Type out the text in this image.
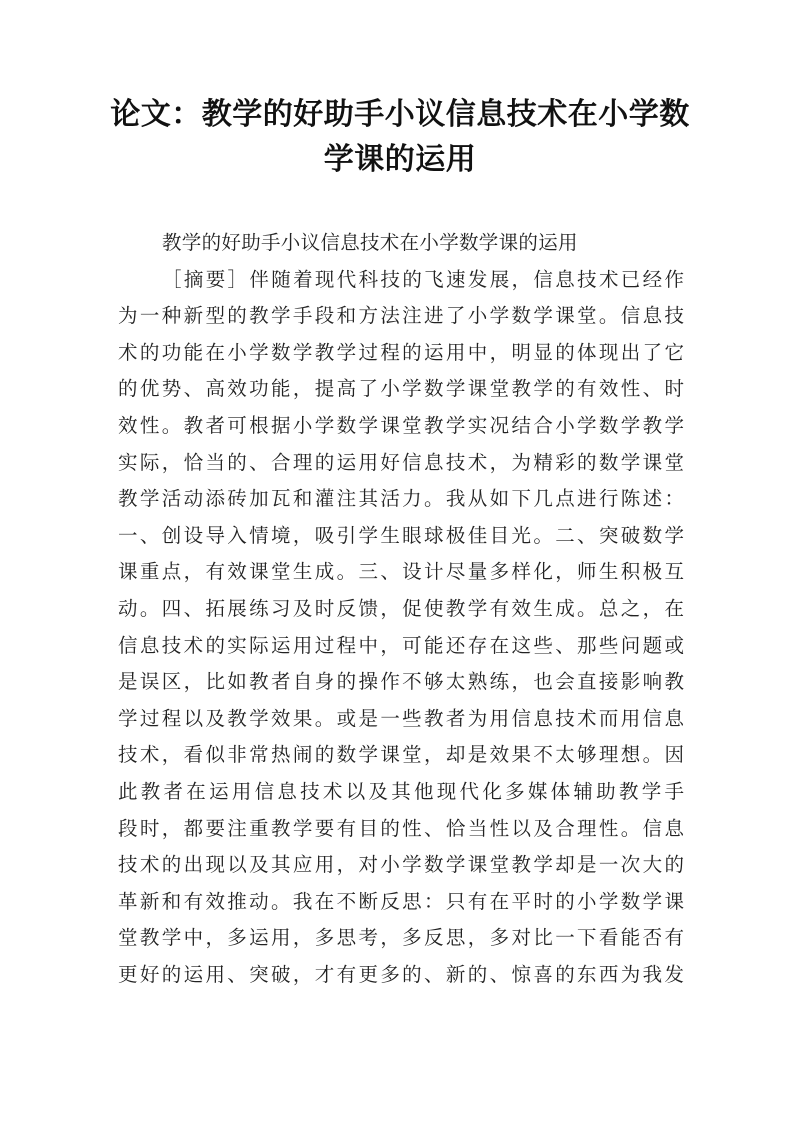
论文：教学的好助手小议信息技术在小学数
学课的运用
教学的好助手小议信息技术在小学数学课的运用
［摘要］伴随着现代科技的飞速发展，信息技术已经作
为一种新型的教学手段和方法注进了小学数学课堂。信息技
术的功能在小学数学教学过程的运用中，明显的体现出了它
的优势、高效功能，提高了小学数学课堂教学的有效性、时
效性。教者可根据小学数学课堂教学实况结合小学数学教学
实际，恰当的、合理的运用好信息技术，为精彩的数学课堂
教学活动添砖加瓦和灌注其活力。我从如下几点进行陈述：
一、创设导入情境，吸引学生眼球极佳目光。二、突破数学
课重点，有效课堂生成。三、设计尽量多样化，师生积极互
动。四、拓展练习及时反馈，促使教学有效生成。总之，在
信息技术的实际运用过程中，可能还存在这些、那些问题或
是误区，比如教者自身的操作不够太熟练，也会直接影响教
学过程以及教学效果。或是一些教者为用信息技术而用信息
技术，看似非常热闹的数学课堂，却是效果不太够理想。因
此教者在运用信息技术以及其他现代化多媒体辅助教学手
段时，都要注重教学要有目的性、恰当性以及合理性。信息
技术的出现以及其应用，对小学数学课堂教学却是一次大的
革新和有效推动。我在不断反思：只有在平时的小学数学课
堂教学中，多运用，多思考，多反思，多对比一下看能否有
更好的运用、突破，才有更多的、新的、惊喜的东西为我发
